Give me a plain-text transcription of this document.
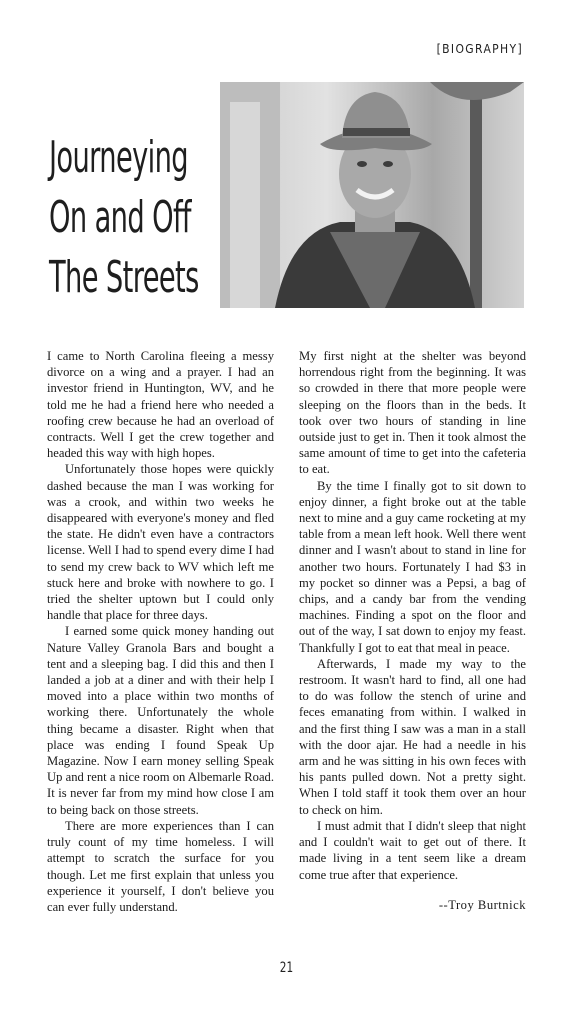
[BIOGRAPHY]
Journeying
On and Off
The Streets

I came to North Carolina fleeing a messy divorce on a wing and a prayer. I had an investor friend in Huntington, WV, and he told me he had a friend here who needed a roofing crew because he had an overload of contracts. Well I get the crew together and headed this way with high hopes.

Unfortunately those hopes were quickly dashed because the man I was working for was a crook, and within two weeks he disappeared with everyone's money and fled the state. He didn't even have a contractors license. Well I had to spend every dime I had to send my crew back to WV which left me stuck here and broke with nowhere to go. I tried the shelter uptown but I could only handle that place for three days.

I earned some quick money handing out Nature Valley Granola Bars and bought a tent and a sleeping bag. I did this and then I landed a job at a diner and with their help I moved into a place within two months of working there. Unfortunately the whole thing became a disaster. Right when that place was ending I found Speak Up Magazine. Now I earn money selling Speak Up and rent a nice room on Albemarle Road. It is never far from my mind how close I am to being back on those streets.

There are more experiences than I can truly count of my time homeless. I will attempt to scratch the surface for you though. Let me first explain that unless you experience it yourself, I don't believe you can ever fully understand.

My first night at the shelter was beyond horrendous right from the beginning. It was so crowded in there that more people were sleeping on the floors than in the beds. It took over two hours of standing in line outside just to get in. Then it took almost the same amount of time to get into the cafeteria to eat.

By the time I finally got to sit down to enjoy dinner, a fight broke out at the table next to mine and a guy came rocketing at my table from a mean left hook. Well there went dinner and I wasn't about to stand in line for another two hours. Fortunately I had $3 in my pocket so dinner was a Pepsi, a bag of chips, and a candy bar from the vending machines. Finding a spot on the floor and out of the way, I sat down to enjoy my feast. Thankfully I got to eat that meal in peace.

Afterwards, I made my way to the restroom. It wasn't hard to find, all one had to do was follow the stench of urine and feces emanating from within. I walked in and the first thing I saw was a man in a stall with the door ajar. He had a needle in his arm and he was sitting in his own feces with his pants pulled down. Not a pretty sight. When I told staff it took them over an hour to check on him.

I must admit that I didn't sleep that night and I couldn't wait to get out of there. It made living in a tent seem like a dream come true after that experience.

--Troy Burtnick

21
